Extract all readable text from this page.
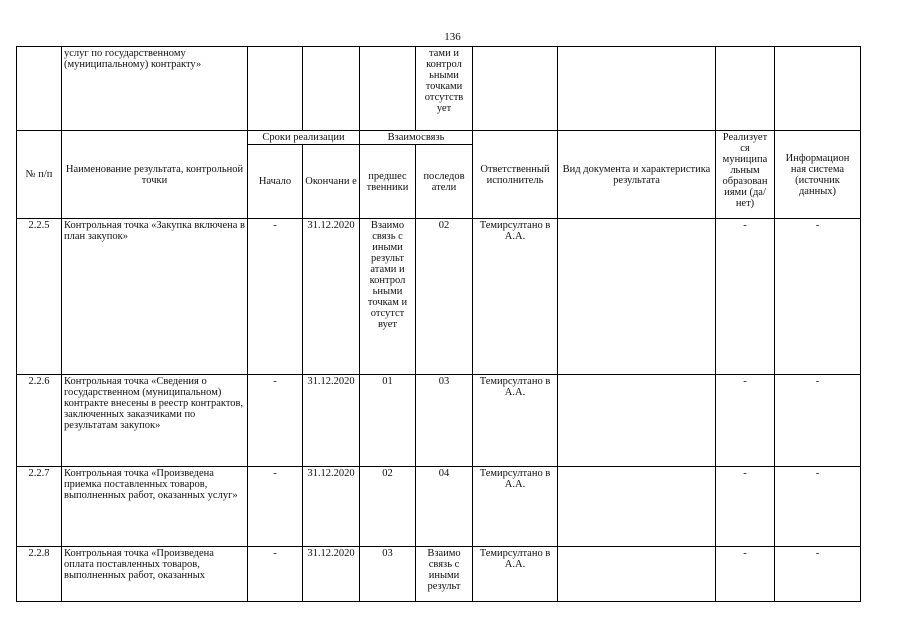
136
	услуг по государственному (муниципальному) контракту»				тами и контрол ьными точками отсутств ует				
№ п/п	Наименование результата, контрольной точки	Сроки реализации		Взаимосвязь		Ответственный исполнитель	Вид документа и характеристика результата	Реализует ся муниципа льным образован иями (да/нет)	Информацион ная система (источник данных)
		Начало	Окончани е	предшес твенники	последов атели				
2.2.5	Контрольная точка «Закупка включена в план закупок»	-	31.12.2020	Взаимо связь с иными результ атами и контрол ьными точкам и отсутст вует	02	Темирсултано в А.А.		-	-
2.2.6	Контрольная точка «Сведения о государственном (муниципальном) контракте внесены в реестр контрактов, заключенных заказчиками по результатам закупок»	-	31.12.2020	01	03	Темирсултано в А.А.		-	-
2.2.7	Контрольная точка «Произведена приемка поставленных товаров, выполненных работ, оказанных услуг»	-	31.12.2020	02	04	Темирсултано в А.А.		-	-
2.2.8	Контрольная точка «Произведена оплата поставленных товаров, выполненных работ, оказанных	-	31.12.2020	03	Взаимо связь с иными результ	Темирсултано в А.А.		-	-
